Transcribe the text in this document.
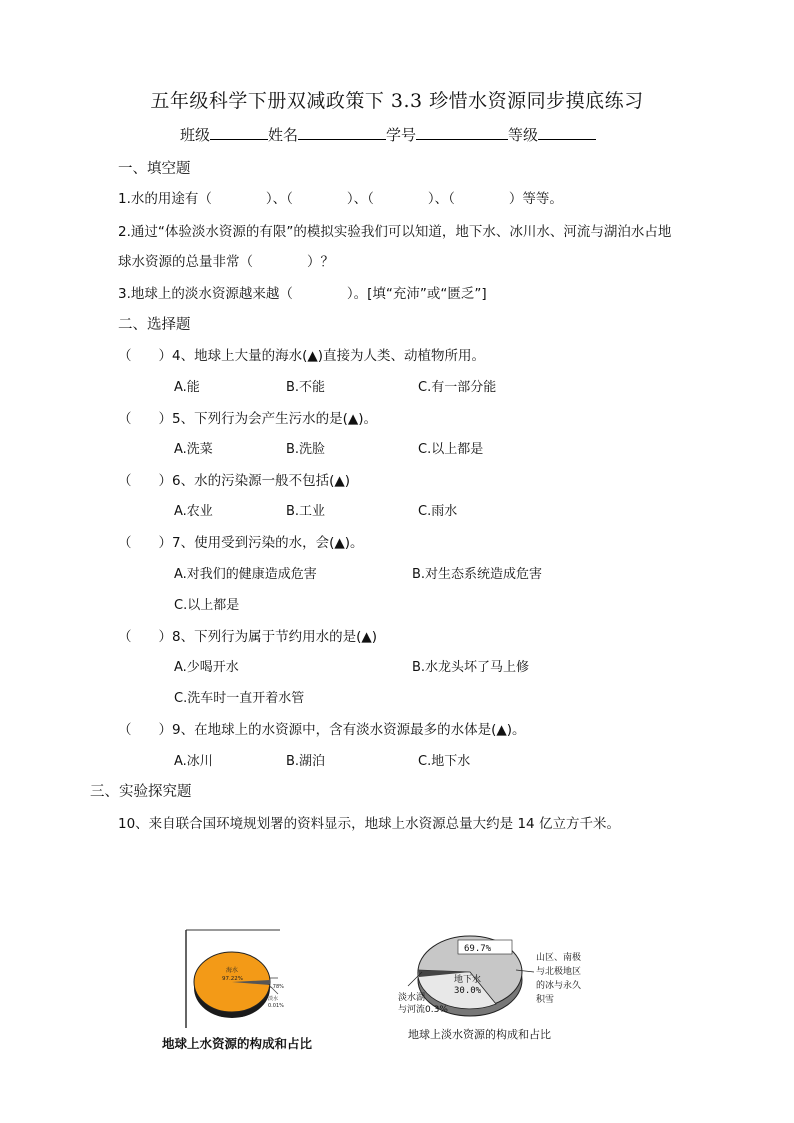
五年级科学下册双减政策下 3.3 珍惜水资源同步摸底练习
班级	姓名	学号	等级
一、填空题
1.水的用途有（　　　　）、（　　　　）、（　　　　）、（　　　　）等等。
2.通过“体验淡水资源的有限”的模拟实验我们可以知道，地下水、冰川水、河流与湖泊水占地
球水资源的总量非常（　　　　）？
3.地球上的淡水资源越来越（　　　　）。[填“充沛”或“匮乏”]
二、选择题
（　　）4、地球上大量的海水(▲)直接为人类、动植物所用。
A.能	B.不能	C.有一部分能
（　　）5、下列行为会产生污水的是(▲)。
A.洗菜	B.洗脸	C.以上都是
（　　）6、水的污染源一般不包括(▲)
A.农业	B.工业	C.雨水
（　　）7、使用受到污染的水，会(▲)。
A.对我们的健康造成危害	B.对生态系统造成危害
C.以上都是
（　　）8、下列行为属于节约用水的是(▲)
A.少喝开水	B.水龙头坏了马上修
C.洗车时一直开着水管
（　　）9、在地球上的水资源中，含有淡水资源最多的水体是(▲)。
A.冰川	B.湖泊	C.地下水
三、实验探究题
10、来自联合国环境规划署的资料显示，地球上水资源总量大约是 14 亿立方千米。
海水
97.22%
1.78%
淡水
0.01%
地球上水资源的构成和占比
69.7%
地下水
30.0%
淡水湖
与河流0.3%
山区、南极
与北极地区
的冰与永久
积雪
地球上淡水资源的构成和占比
